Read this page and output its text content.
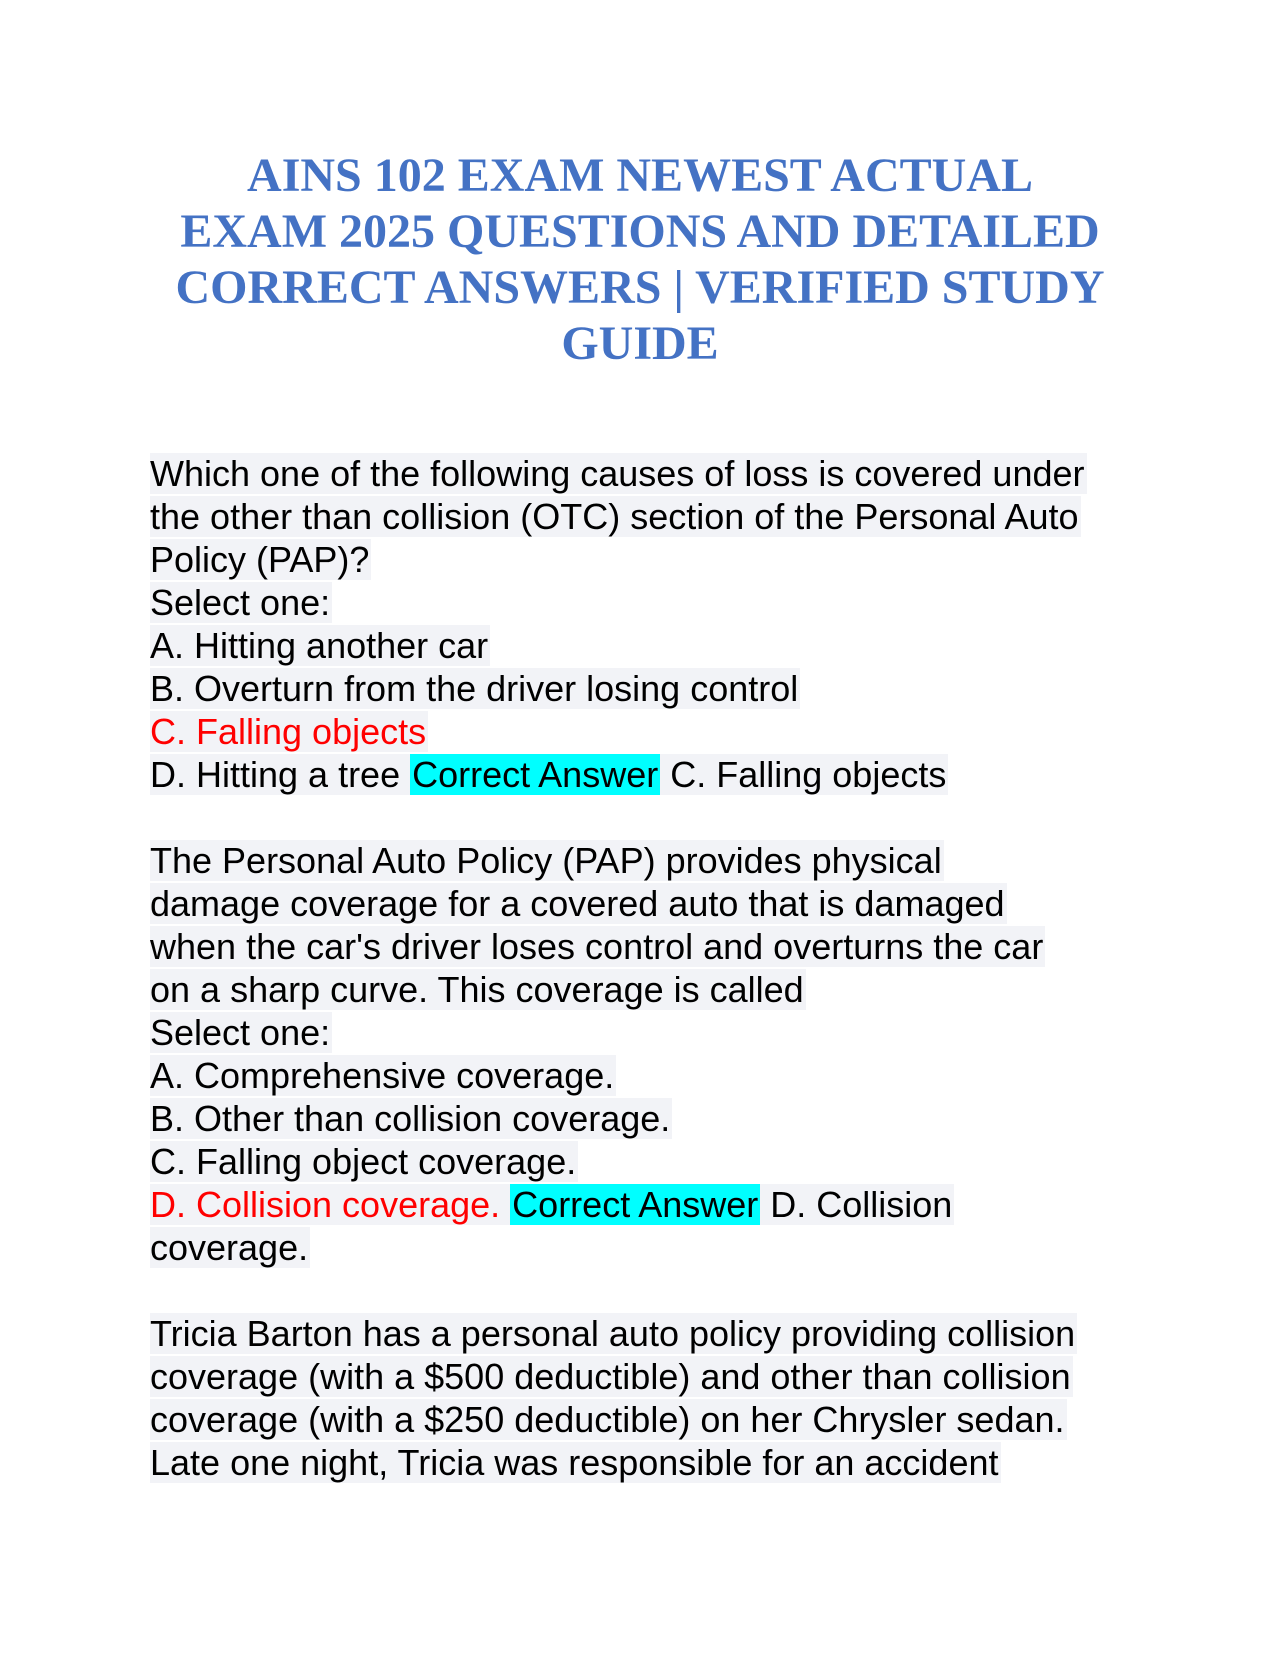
AINS 102 EXAM NEWEST ACTUAL
EXAM 2025 QUESTIONS AND DETAILED
CORRECT ANSWERS | VERIFIED STUDY
GUIDE
Which one of the following causes of loss is covered under
the other than collision (OTC) section of the Personal Auto
Policy (PAP)?
Select one:
A. Hitting another car
B. Overturn from the driver losing control
C. Falling objects
D. Hitting a tree Correct Answer C. Falling objects
The Personal Auto Policy (PAP) provides physical
damage coverage for a covered auto that is damaged
when the car's driver loses control and overturns the car
on a sharp curve. This coverage is called
Select one:
A. Comprehensive coverage.
B. Other than collision coverage.
C. Falling object coverage.
D. Collision coverage. Correct Answer D. Collision
coverage.
Tricia Barton has a personal auto policy providing collision
coverage (with a $500 deductible) and other than collision
coverage (with a $250 deductible) on her Chrysler sedan.
Late one night, Tricia was responsible for an accident
